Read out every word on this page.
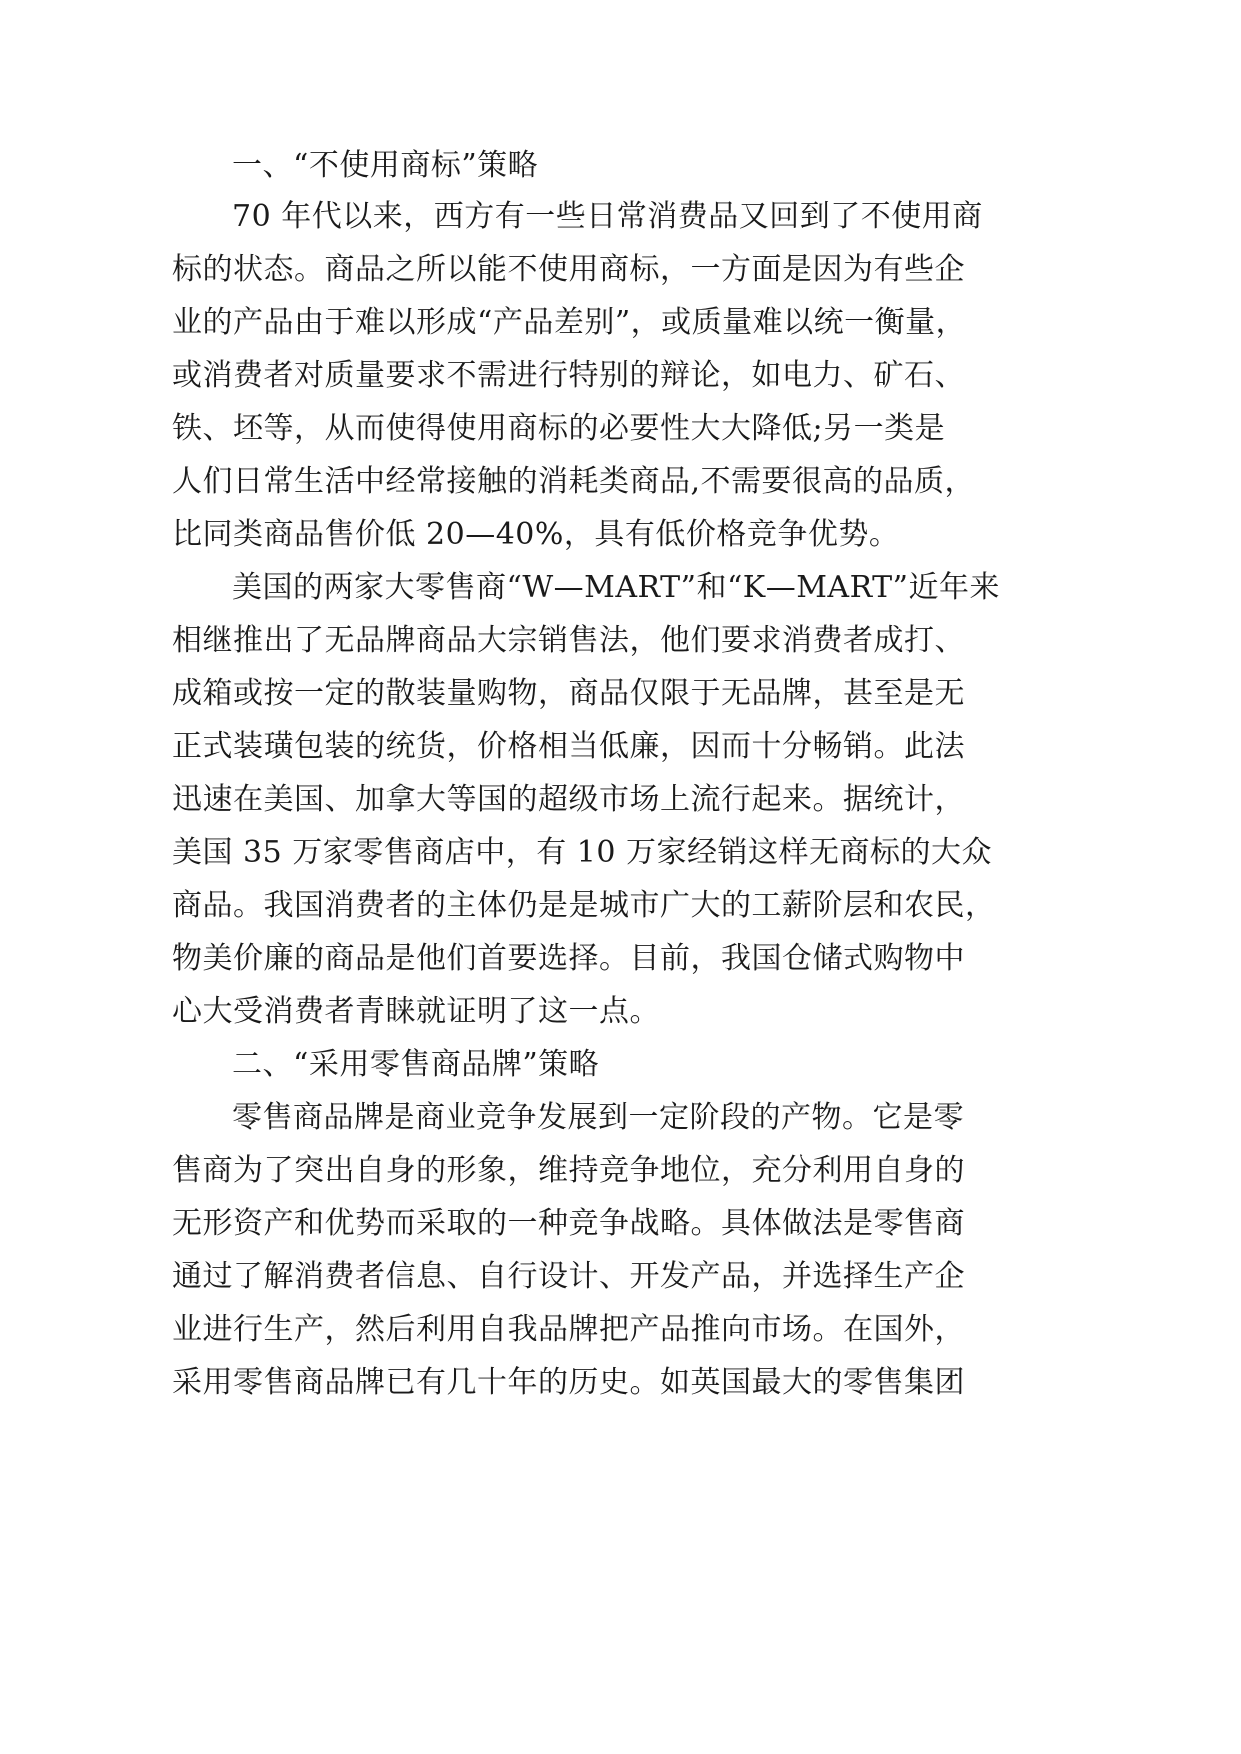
一、“不使用商标”策略
70 年代以来，西方有一些日常消费品又回到了不使用商
标的状态。商品之所以能不使用商标，一方面是因为有些企
业的产品由于难以形成“产品差别”，或质量难以统一衡量，
或消费者对质量要求不需进行特别的辩论，如电力、矿石、
铁、坯等，从而使得使用商标的必要性大大降低;另一类是
人们日常生活中经常接触的消耗类商品,不需要很高的品质，
比同类商品售价低 20—40%，具有低价格竞争优势。
美国的两家大零售商“W—MART”和“K—MART”近年来
相继推出了无品牌商品大宗销售法，他们要求消费者成打、
成箱或按一定的散装量购物，商品仅限于无品牌，甚至是无
正式装璜包装的统货，价格相当低廉，因而十分畅销。此法
迅速在美国、加拿大等国的超级市场上流行起来。据统计，
美国 35 万家零售商店中，有 10 万家经销这样无商标的大众
商品。我国消费者的主体仍是是城市广大的工薪阶层和农民，
物美价廉的商品是他们首要选择。目前，我国仓储式购物中
心大受消费者青睐就证明了这一点。
二、“采用零售商品牌”策略
零售商品牌是商业竞争发展到一定阶段的产物。它是零
售商为了突出自身的形象，维持竞争地位，充分利用自身的
无形资产和优势而采取的一种竞争战略。具体做法是零售商
通过了解消费者信息、自行设计、开发产品，并选择生产企
业进行生产，然后利用自我品牌把产品推向市场。在国外，
采用零售商品牌已有几十年的历史。如英国最大的零售集团
